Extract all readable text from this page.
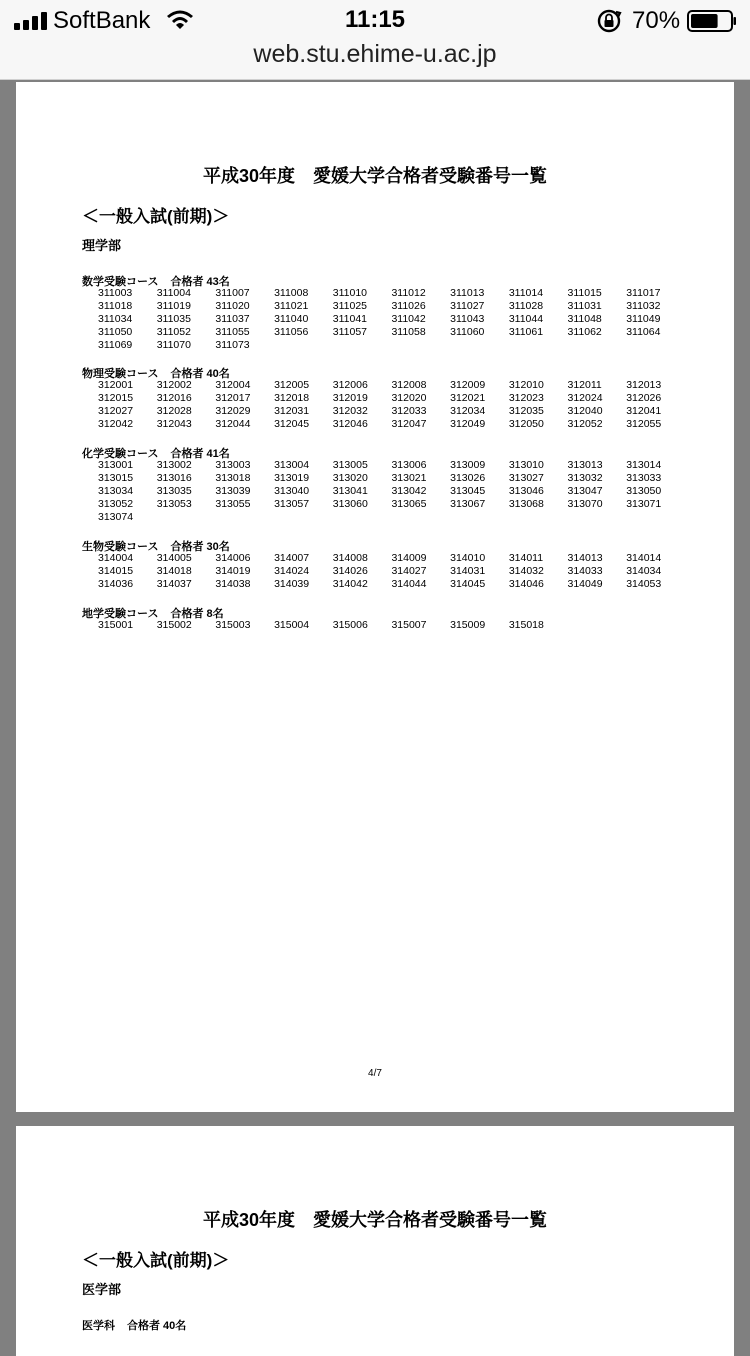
SoftBank	11:15	70%
web.stu.ehime-u.ac.jp
平成30年度　愛媛大学合格者受験番号一覧
＜一般入試(前期)＞
理学部
数学受験コース 合格者 43名
311003	311004	311007	311008	311010	311012	311013	311014	311015	311017
311018	311019	311020	311021	311025	311026	311027	311028	311031	311032
311034	311035	311037	311040	311041	311042	311043	311044	311048	311049
311050	311052	311055	311056	311057	311058	311060	311061	311062	311064
311069	311070	311073
物理受験コース 合格者 40名
312001	312002	312004	312005	312006	312008	312009	312010	312011	312013
312015	312016	312017	312018	312019	312020	312021	312023	312024	312026
312027	312028	312029	312031	312032	312033	312034	312035	312040	312041
312042	312043	312044	312045	312046	312047	312049	312050	312052	312055
化学受験コース 合格者 41名
313001	313002	313003	313004	313005	313006	313009	313010	313013	313014
313015	313016	313018	313019	313020	313021	313026	313027	313032	313033
313034	313035	313039	313040	313041	313042	313045	313046	313047	313050
313052	313053	313055	313057	313060	313065	313067	313068	313070	313071
313074
生物受験コース 合格者 30名
314004	314005	314006	314007	314008	314009	314010	314011	314013	314014
314015	314018	314019	314024	314026	314027	314031	314032	314033	314034
314036	314037	314038	314039	314042	314044	314045	314046	314049	314053
地学受験コース 合格者 8名
315001	315002	315003	315004	315006	315007	315009	315018
4/7
平成30年度　愛媛大学合格者受験番号一覧
＜一般入試(前期)＞
医学部
医学科 合格者 40名
